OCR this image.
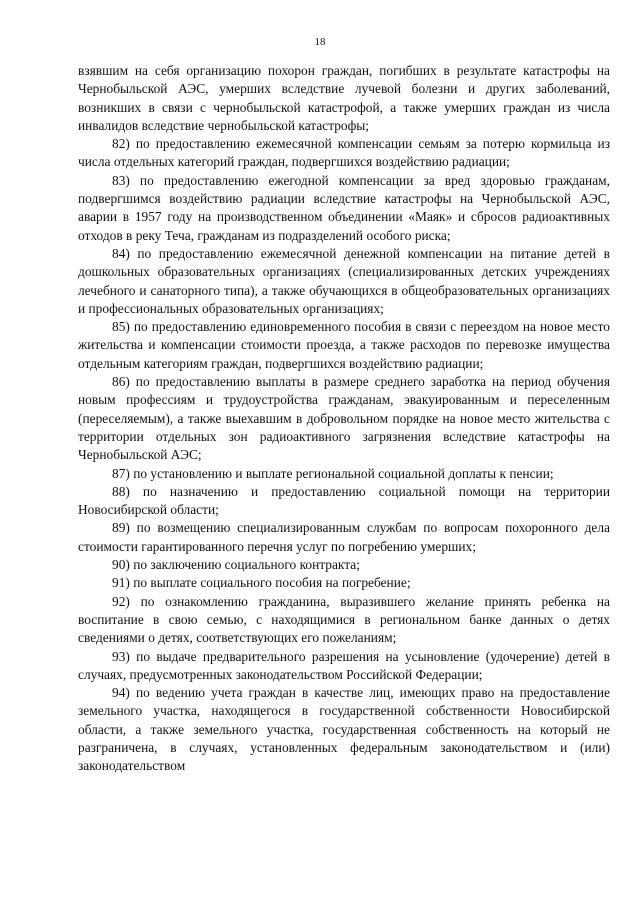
18

взявшим на себя организацию похорон граждан, погибших в результате катастрофы на Чернобыльской АЭС, умерших вследствие лучевой болезни и других заболеваний, возникших в связи с чернобыльской катастрофой, а также умерших граждан из числа инвалидов вследствие чернобыльской катастрофы;

82) по предоставлению ежемесячной компенсации семьям за потерю кормильца из числа отдельных категорий граждан, подвергшихся воздействию радиации;

83) по предоставлению ежегодной компенсации за вред здоровью гражданам, подвергшимся воздействию радиации вследствие катастрофы на Чернобыльской АЭС, аварии в 1957 году на производственном объединении «Маяк» и сбросов радиоактивных отходов в реку Теча, гражданам из подразделений особого риска;

84) по предоставлению ежемесячной денежной компенсации на питание детей в дошкольных образовательных организациях (специализированных детских учреждениях лечебного и санаторного типа), а также обучающихся в общеобразовательных организациях и профессиональных образовательных организациях;

85) по предоставлению единовременного пособия в связи с переездом на новое место жительства и компенсации стоимости проезда, а также расходов по перевозке имущества отдельным категориям граждан, подвергшихся воздействию радиации;

86) по предоставлению выплаты в размере среднего заработка на период обучения новым профессиям и трудоустройства гражданам, эвакуированным и переселенным (переселяемым), а также выехавшим в добровольном порядке на новое место жительства с территории отдельных зон радиоактивного загрязнения вследствие катастрофы на Чернобыльской АЭС;

87) по установлению и выплате региональной социальной доплаты к пенсии;

88) по назначению и предоставлению социальной помощи на территории Новосибирской области;

89) по возмещению специализированным службам по вопросам похоронного дела стоимости гарантированного перечня услуг по погребению умерших;

90) по заключению социального контракта;

91) по выплате социального пособия на погребение;

92) по ознакомлению гражданина, выразившего желание принять ребенка на воспитание в свою семью, с находящимися в региональном банке данных о детях сведениями о детях, соответствующих его пожеланиям;

93) по выдаче предварительного разрешения на усыновление (удочерение) детей в случаях, предусмотренных законодательством Российской Федерации;

94) по ведению учета граждан в качестве лиц, имеющих право на предоставление земельного участка, находящегося в государственной собственности Новосибирской области, а также земельного участка, государственная собственность на который не разграничена, в случаях, установленных федеральным законодательством и (или) законодательством
